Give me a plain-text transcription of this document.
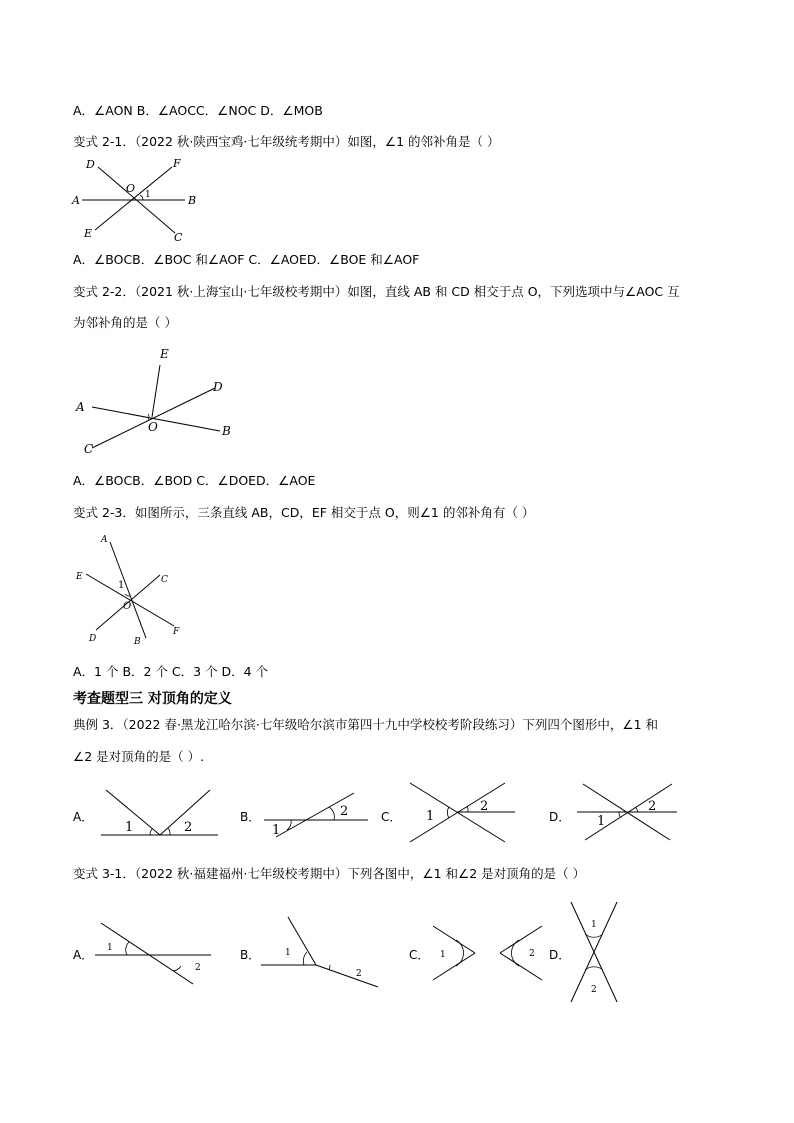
A．∠AON B．∠AOCC．∠NOC D．∠MOB
变式 2-1．（2022 秋·陕西宝鸡·七年级统考期中）如图，∠1 的邻补角是（ ）
D	F
O 1
A	B
E	C
A．∠BOCB．∠BOC 和∠AOF C．∠AOED．∠BOE 和∠AOF
变式 2-2．（2021 秋·上海宝山·七年级校考期中）如图，直线 AB 和 CD 相交于点 O，下列选项中与∠AOC 互
为邻补角的是（ ）
E
D
A
O	B
C
A．∠BOCB．∠BOD C．∠DOED．∠AOE
变式 2-3．如图所示，三条直线 AB，CD，EF 相交于点 O，则∠1 的邻补角有（ ）
A
E
1	C
O
D	B
F
A．1 个 B．2 个 C．3 个 D．4 个
考查题型三 对顶角的定义
典例 3．（2022 春·黑龙江哈尔滨·七年级哈尔滨市第四十九中学校校考阶段练习）下列四个图形中，∠1 和
∠2 是对顶角的是（ ）.
A．
1	2
B．
1
2	C． 1
2
D． 1
2
变式 3-1．（2022 秋·福建福州·七年级校考期中）下列各图中，∠1 和∠2 是对顶角的是（ ）
A． 1
2
B．	1
2
C． 1	2 D．
1
2
